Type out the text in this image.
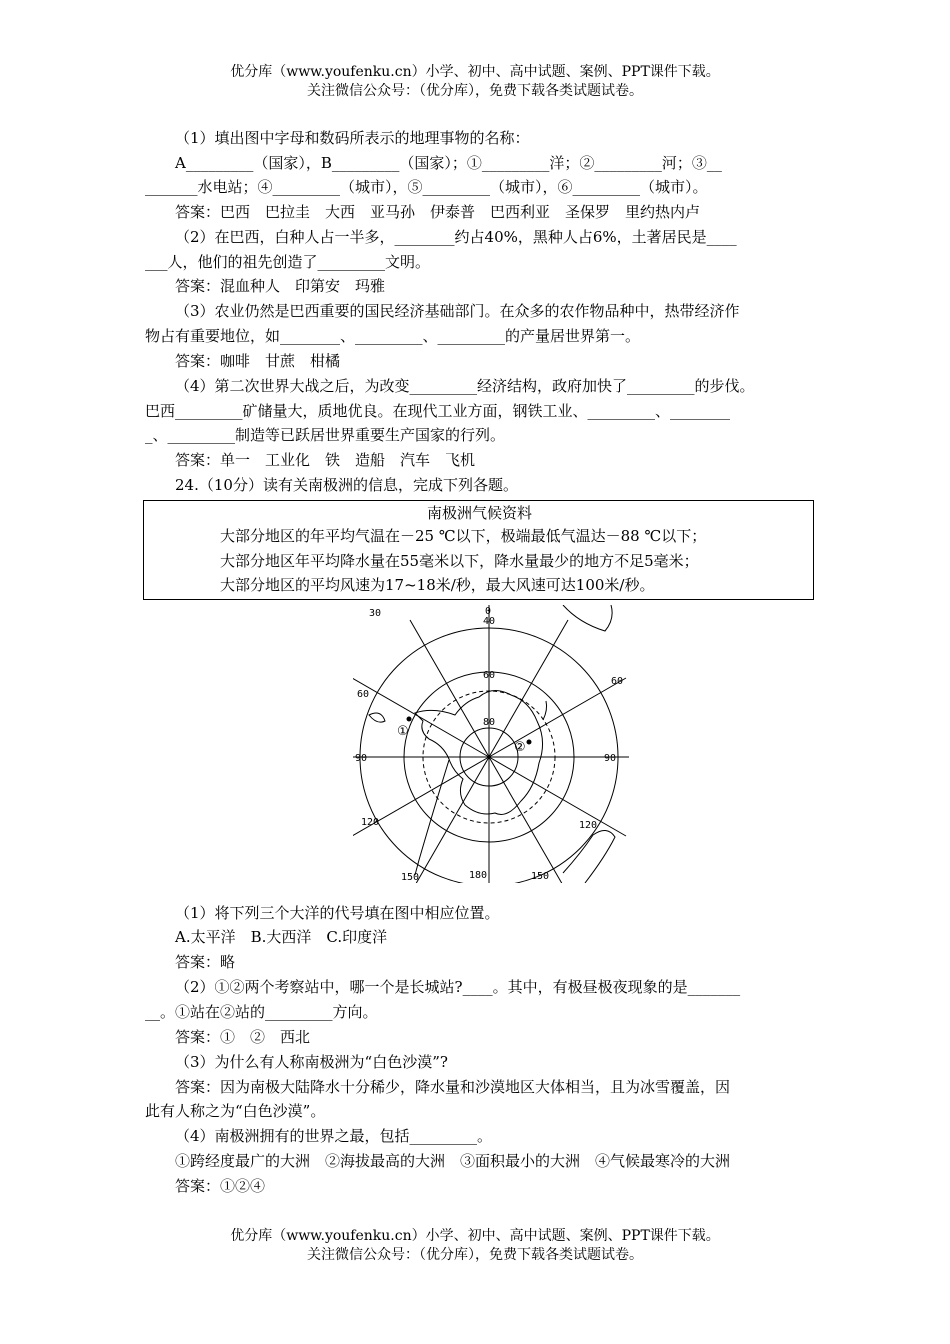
优分库（www.youfenku.cn）小学、初中、高中试题、案例、PPT课件下载。
关注微信公众号：（优分库），免费下载各类试题试卷。
（1）填出图中字母和数码所表示的地理事物的名称：
A_________（国家），B_________（国家）；①_________洋；②_________河；③__
_______水电站；④_________（城市），⑤_________（城市），⑥_________（城市）。
答案：巴西　巴拉圭　大西　亚马孙　伊泰普　巴西利亚　圣保罗　里约热内卢
（2）在巴西，白种人占一半多，________约占40%，黑种人占6%，土著居民是____
___人，他们的祖先创造了_________文明。
答案：混血种人　印第安　玛雅
（3）农业仍然是巴西重要的国民经济基础部门。在众多的农作物品种中，热带经济作
物占有重要地位，如________、_________、_________的产量居世界第一。
答案：咖啡　甘蔗　柑橘
（4）第二次世界大战之后，为改变_________经济结构，政府加快了_________的步伐。
巴西_________矿储量大，质地优良。在现代工业方面，钢铁工业、_________、________
_、_________制造等已跃居世界重要生产国家的行列。
答案：单一　工业化　铁　造船　汽车　飞机
24.（10分）读有关南极洲的信息，完成下列各题。
南极洲气候资料
大部分地区的年平均气温在－25 ℃以下，极端最低气温达－88 ℃以下；
大部分地区年平均降水量在55毫米以下，降水量最少的地方不足5毫米；
大部分地区的平均风速为17~18米/秒，最大风速可达100米/秒。
30	0
40
60
80
60
60
90	90
120	120
150	150
180
①
②
（1）将下列三个大洋的代号填在图中相应位置。
A.太平洋　B.大西洋　C.印度洋
答案：略
（2）①②两个考察站中，哪一个是长城站?____。其中，有极昼极夜现象的是_______
__。①站在②站的_________方向。
答案：①　②　西北
（3）为什么有人称南极洲为“白色沙漠”?
答案：因为南极大陆降水十分稀少，降水量和沙漠地区大体相当，且为冰雪覆盖，因
此有人称之为“白色沙漠”。
（4）南极洲拥有的世界之最，包括_________。
①跨经度最广的大洲　②海拔最高的大洲　③面积最小的大洲　④气候最寒冷的大洲
答案：①②④
优分库（www.youfenku.cn）小学、初中、高中试题、案例、PPT课件下载。
关注微信公众号：（优分库），免费下载各类试题试卷。
